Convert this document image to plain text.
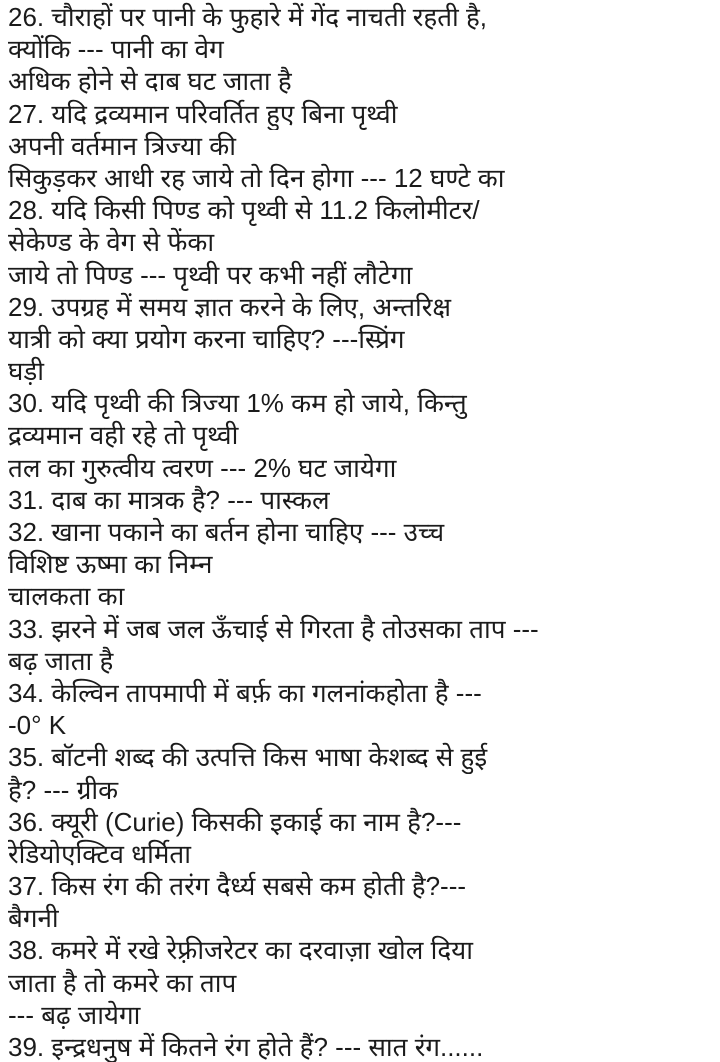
26. चौराहों पर पानी के फुहारे में गेंद नाचती रहती है,
क्योंकि --- पानी का वेग
अधिक होने से दाब घट जाता है
27. यदि द्रव्यमान परिवर्तित हुए बिना पृथ्वी
अपनी वर्तमान त्रिज्या की
सिकुड़कर आधी रह जाये तो दिन होगा --- 12 घण्टे का
28. यदि किसी पिण्ड को पृथ्वी से 11.2 किलोमीटर/
सेकेण्ड के वेग से फेंका
जाये तो पिण्ड --- पृथ्वी पर कभी नहीं लौटेगा
29. उपग्रह में समय ज्ञात करने के लिए, अन्तरिक्ष
यात्री को क्या प्रयोग करना चाहिए? ---स्प्रिंग
घड़ी
30. यदि पृथ्वी की त्रिज्या 1% कम हो जाये, किन्तु
द्रव्यमान वही रहे तो पृथ्वी
तल का गुरुत्वीय त्वरण --- 2% घट जायेगा
31. दाब का मात्रक है? --- पास्कल
32. खाना पकाने का बर्तन होना चाहिए --- उच्च
विशिष्ट ऊष्मा का निम्न
चालकता का
33. झरने में जब जल ऊँचाई से गिरता है तोउसका ताप ---
बढ़ जाता है
34. केल्विन तापमापी में बर्फ़ का गलनांकहोता है ---
-0° K
35. बॉटनी शब्द की उत्पत्ति किस भाषा केशब्द से हुई
है? --- ग्रीक
36. क्यूरी (Curie) किसकी इकाई का नाम है?---
रेडियोएक्टिव धर्मिता
37. किस रंग की तरंग दैर्ध्य सबसे कम होती है?---
बैगनी
38. कमरे में रखे रेफ़्रीजरेटर का दरवाज़ा खोल दिया
जाता है तो कमरे का ताप
--- बढ़ जायेगा
39. इन्द्रधनुष में कितने रंग होते हैं? --- सात रंग......
